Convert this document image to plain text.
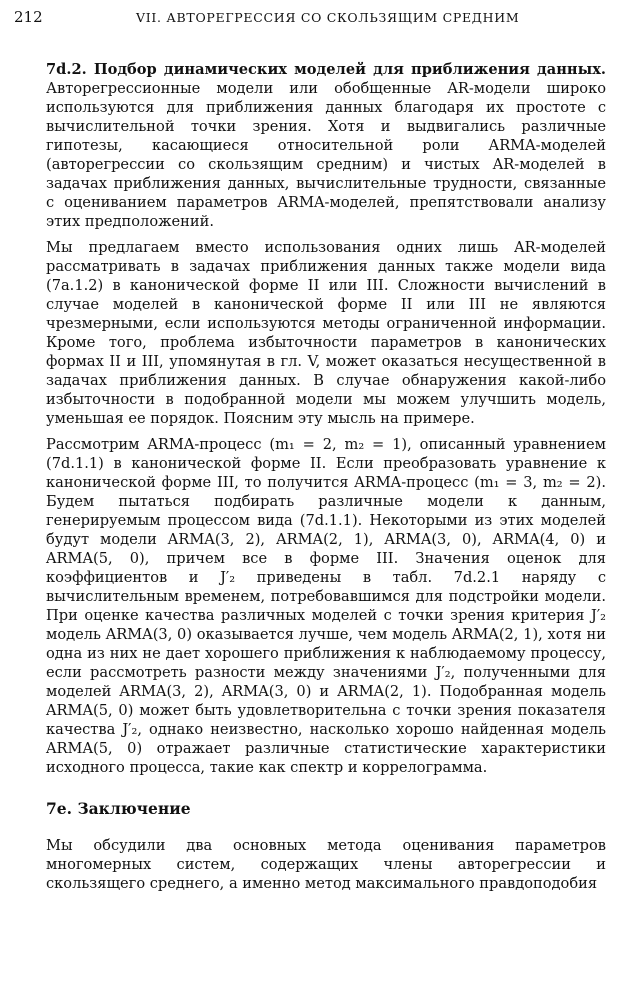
212	VII. АВТОРЕГРЕССИЯ СО СКОЛЬЗЯЩИМ СРЕДНИМ

7d.2. Подбор динамических моделей для приближения данных. Авторегрессионные модели или обобщенные AR-модели широко используются для приближения данных благодаря их простоте с вычислительной точки зрения. Хотя и выдвигались различные гипотезы, касающиеся относительной роли ARMA-моделей (авторегрессии со скользящим средним) и чистых AR-моделей в задачах приближения данных, вычислительные трудности, связанные с оцениванием параметров ARMA-моделей, препятствовали анализу этих предположений.

Мы предлагаем вместо использования одних лишь AR-моделей рассматривать в задачах приближения данных также модели вида (7a.1.2) в канонической форме II или III. Сложности вычислений в случае моделей в канонической форме II или III не являются чрезмерными, если используются методы ограниченной информации. Кроме того, проблема избыточности параметров в канонических формах II и III, упомянутая в гл. V, может оказаться несущественной в задачах приближения данных. В случае обнаружения какой-либо избыточности в подобранной модели мы можем улучшить модель, уменьшая ее порядок. Поясним эту мысль на примере.

Рассмотрим ARMA-процесс (m₁ = 2, m₂ = 1), описанный уравнением (7d.1.1) в канонической форме II. Если преобразовать уравнение к канонической форме III, то получится ARMA-процесс (m₁ = 3, m₂ = 2). Будем пытаться подбирать различные модели к данным, генерируемым процессом вида (7d.1.1). Некоторыми из этих моделей будут модели ARMA(3, 2), ARMA(2, 1), ARMA(3, 0), ARMA(4, 0) и ARMA(5, 0), причем все в форме III. Значения оценок для коэффициентов и J′₂ приведены в табл. 7d.2.1 наряду с вычислительным временем, потребовавшимся для подстройки модели. При оценке качества различных моделей с точки зрения критерия J′₂ модель ARMA(3, 0) оказывается лучше, чем модель ARMA(2, 1), хотя ни одна из них не дает хорошего приближения к наблюдаемому процессу, если рассмотреть разности между значениями J′₂, полученными для моделей ARMA(3, 2), ARMA(3, 0) и ARMA(2, 1). Подобранная модель ARMA(5, 0) может быть удовлетворительна с точки зрения показателя качества J′₂, однако неизвестно, насколько хорошо найденная модель ARMA(5, 0) отражает различные статистические характеристики исходного процесса, такие как спектр и коррелограмма.

7e. Заключение

Мы обсудили два основных метода оценивания параметров многомерных систем, содержащих члены авторегрессии и скользящего среднего, а именно метод максимального правдоподобия
